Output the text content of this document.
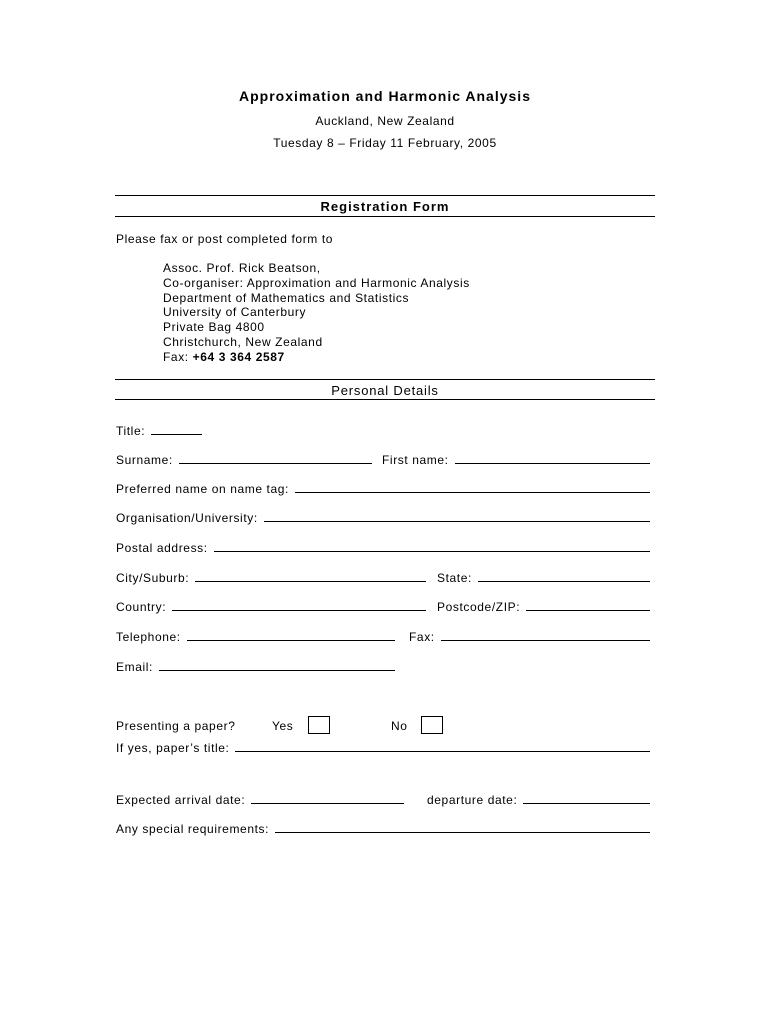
Approximation and Harmonic Analysis
Auckland, New Zealand
Tuesday 8 – Friday 11 February, 2005
Registration Form
Please fax or post completed form to
Assoc. Prof. Rick Beatson,
Co-organiser: Approximation and Harmonic Analysis
Department of Mathematics and Statistics
University of Canterbury
Private Bag 4800
Christchurch, New Zealand
Fax: +64 3 364 2587
Personal Details
Title:
Surname:	First name:
Preferred name on name tag:
Organisation/University:
Postal address:
City/Suburb:	State:
Country:	Postcode/ZIP:
Telephone:	Fax:
Email:
Presenting a paper?	Yes	No
If yes, paper’s title:
Expected arrival date:	departure date:
Any special requirements:
